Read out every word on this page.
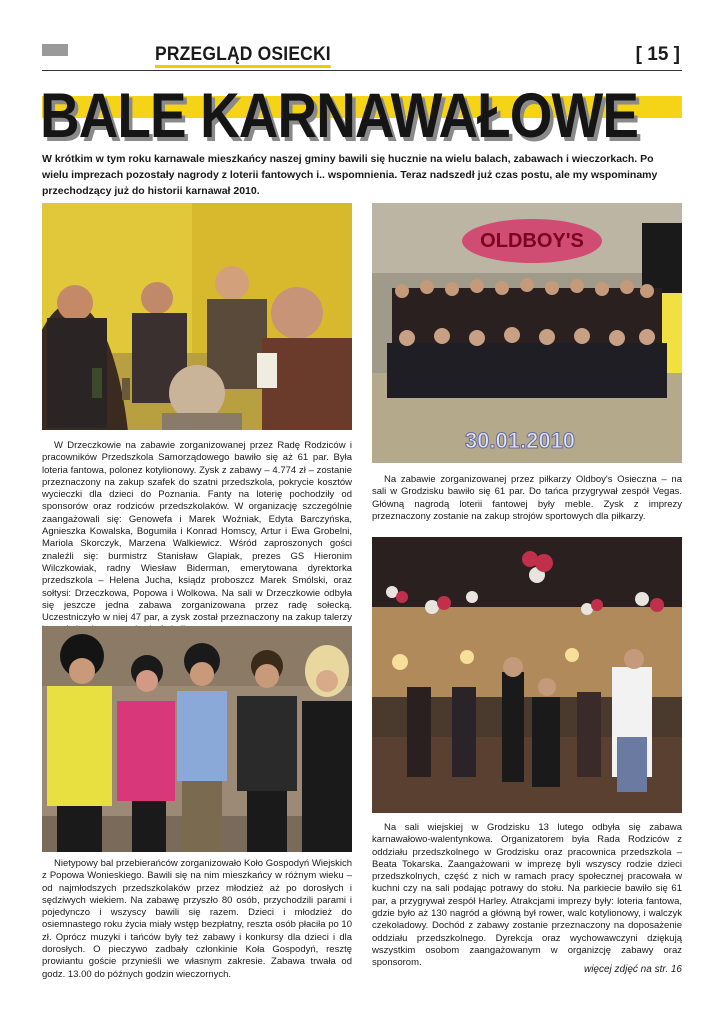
PRZEGLĄD OSIECKI	[ 15 ]
BALE KARNAWAŁOWE
W krótkim w tym roku karnawale mieszkańcy naszej gminy bawili się hucznie na wielu balach, zabawach i wieczorkach. Po wielu imprezach pozostały nagrody z loterii fantowych i.. wspomnienia. Teraz nadszedł już czas postu, ale my wspominamy przechodzący już do historii karnawał 2010.
W Drzeczkowie na zabawie zorganizowanej przez Radę Rodziców i pracowników Przedszkola Samorządowego bawiło się aż 61 par. Była loteria fantowa, polonez kotylionowy. Zysk z zabawy – 4.774 zł – zostanie przeznaczony na zakup szafek do szatni przedszkola, pokrycie kosztów wycieczki dla dzieci do Poznania. Fanty na loterię pochodziły od sponsorów oraz rodziców przedszkolaków. W organizację szczególnie zaangażowali się: Genowefa i Marek Woźniak, Edyta Barczyńska, Agnieszka Kowalska, Bogumiła i Konrad Homscy, Artur i Ewa Grobelni, Mariola Skorczyk, Marzena Walkiewicz. Wśród zaproszonych gości znaleźli się: burmistrz Stanisław Glapiak, prezes GS Hieronim Wilczkowiak, radny Wiesław Biderman, emerytowana dyrektorka przedszkola – Helena Jucha, ksiądz proboszcz Marek Smólski, oraz sołtysi: Drzeczkowa, Popowa i Wolkowa. Na sali w Drzeczkowie odbyła się jeszcze jedna zabawa zorganizowana przez radę sołecką. Uczestniczyło w niej 47 par, a zysk został przeznaczony na zakup talerzy
OLDBOY'S
30.01.2010
Na zabawie zorganizowanej przez piłkarzy Oldboy's Osieczna – na sali w Grodzisku bawiło się 61 par. Do tańca przygrywał zespół Vegas. Główną nagrodą loterii fantowej były meble. Zysk z imprezy przeznaczony zostanie na zakup strojów sportowych dla piłkarzy.
Na sali wiejskiej w Grodzisku 13 lutego odbyła się zabawa karnawałowo-walentynkowa. Organizatorem była Rada Rodziców z oddziału przedszkolnego w Grodzisku oraz pracownica przedszkola – Beata Tokarska. Zaangażowani w imprezę byli wszyscy rodzie dzieci przedszkolnych, część z nich w ramach pracy społecznej pracowała w kuchni czy na sali podając potrawy do stołu. Na parkiecie bawiło się 61 par, a przygrywał zespół Harley. Atrakcjami imprezy były: loteria fantowa, gdzie było aż 130 nagród a główną był rower, walc kotylionowy, i walczyk czekoladowy. Dochód z zabawy zostanie przeznaczony na doposażenie oddziału przedszkolnego. Dyrekcja oraz wychowawczyni dziękują wszystkim osobom zaangażowanym w organizcję zabawy oraz sponsorom.
Nietypowy bal przebierańców zorganizowało Koło Gospodyń Wiejskich z Popowa Wonieskiego. Bawili się na nim mieszkańcy w różnym wieku – od najmłodszych przedszkolaków przez młodzież aż po dorosłych i sędziwych wiekiem. Na zabawę przyszło 80 osób, przychodzili parami i pojedynczo i wszyscy bawili się razem. Dzieci i młodzież do osiemnastego roku życia miały wstęp bezpłatny, reszta osób płaciła po 10 zł. Oprócz muzyki i tańców były też zabawy i konkursy dla dzieci i dla dorosłych. O pieczywo zadbały członkinie Koła Gospodyń, resztę prowiantu goście przynieśli we własnym zakresie. Zabawa trwała od godz. 13.00 do późnych godzin wieczornych.	więcej zdjęć na str. 16
